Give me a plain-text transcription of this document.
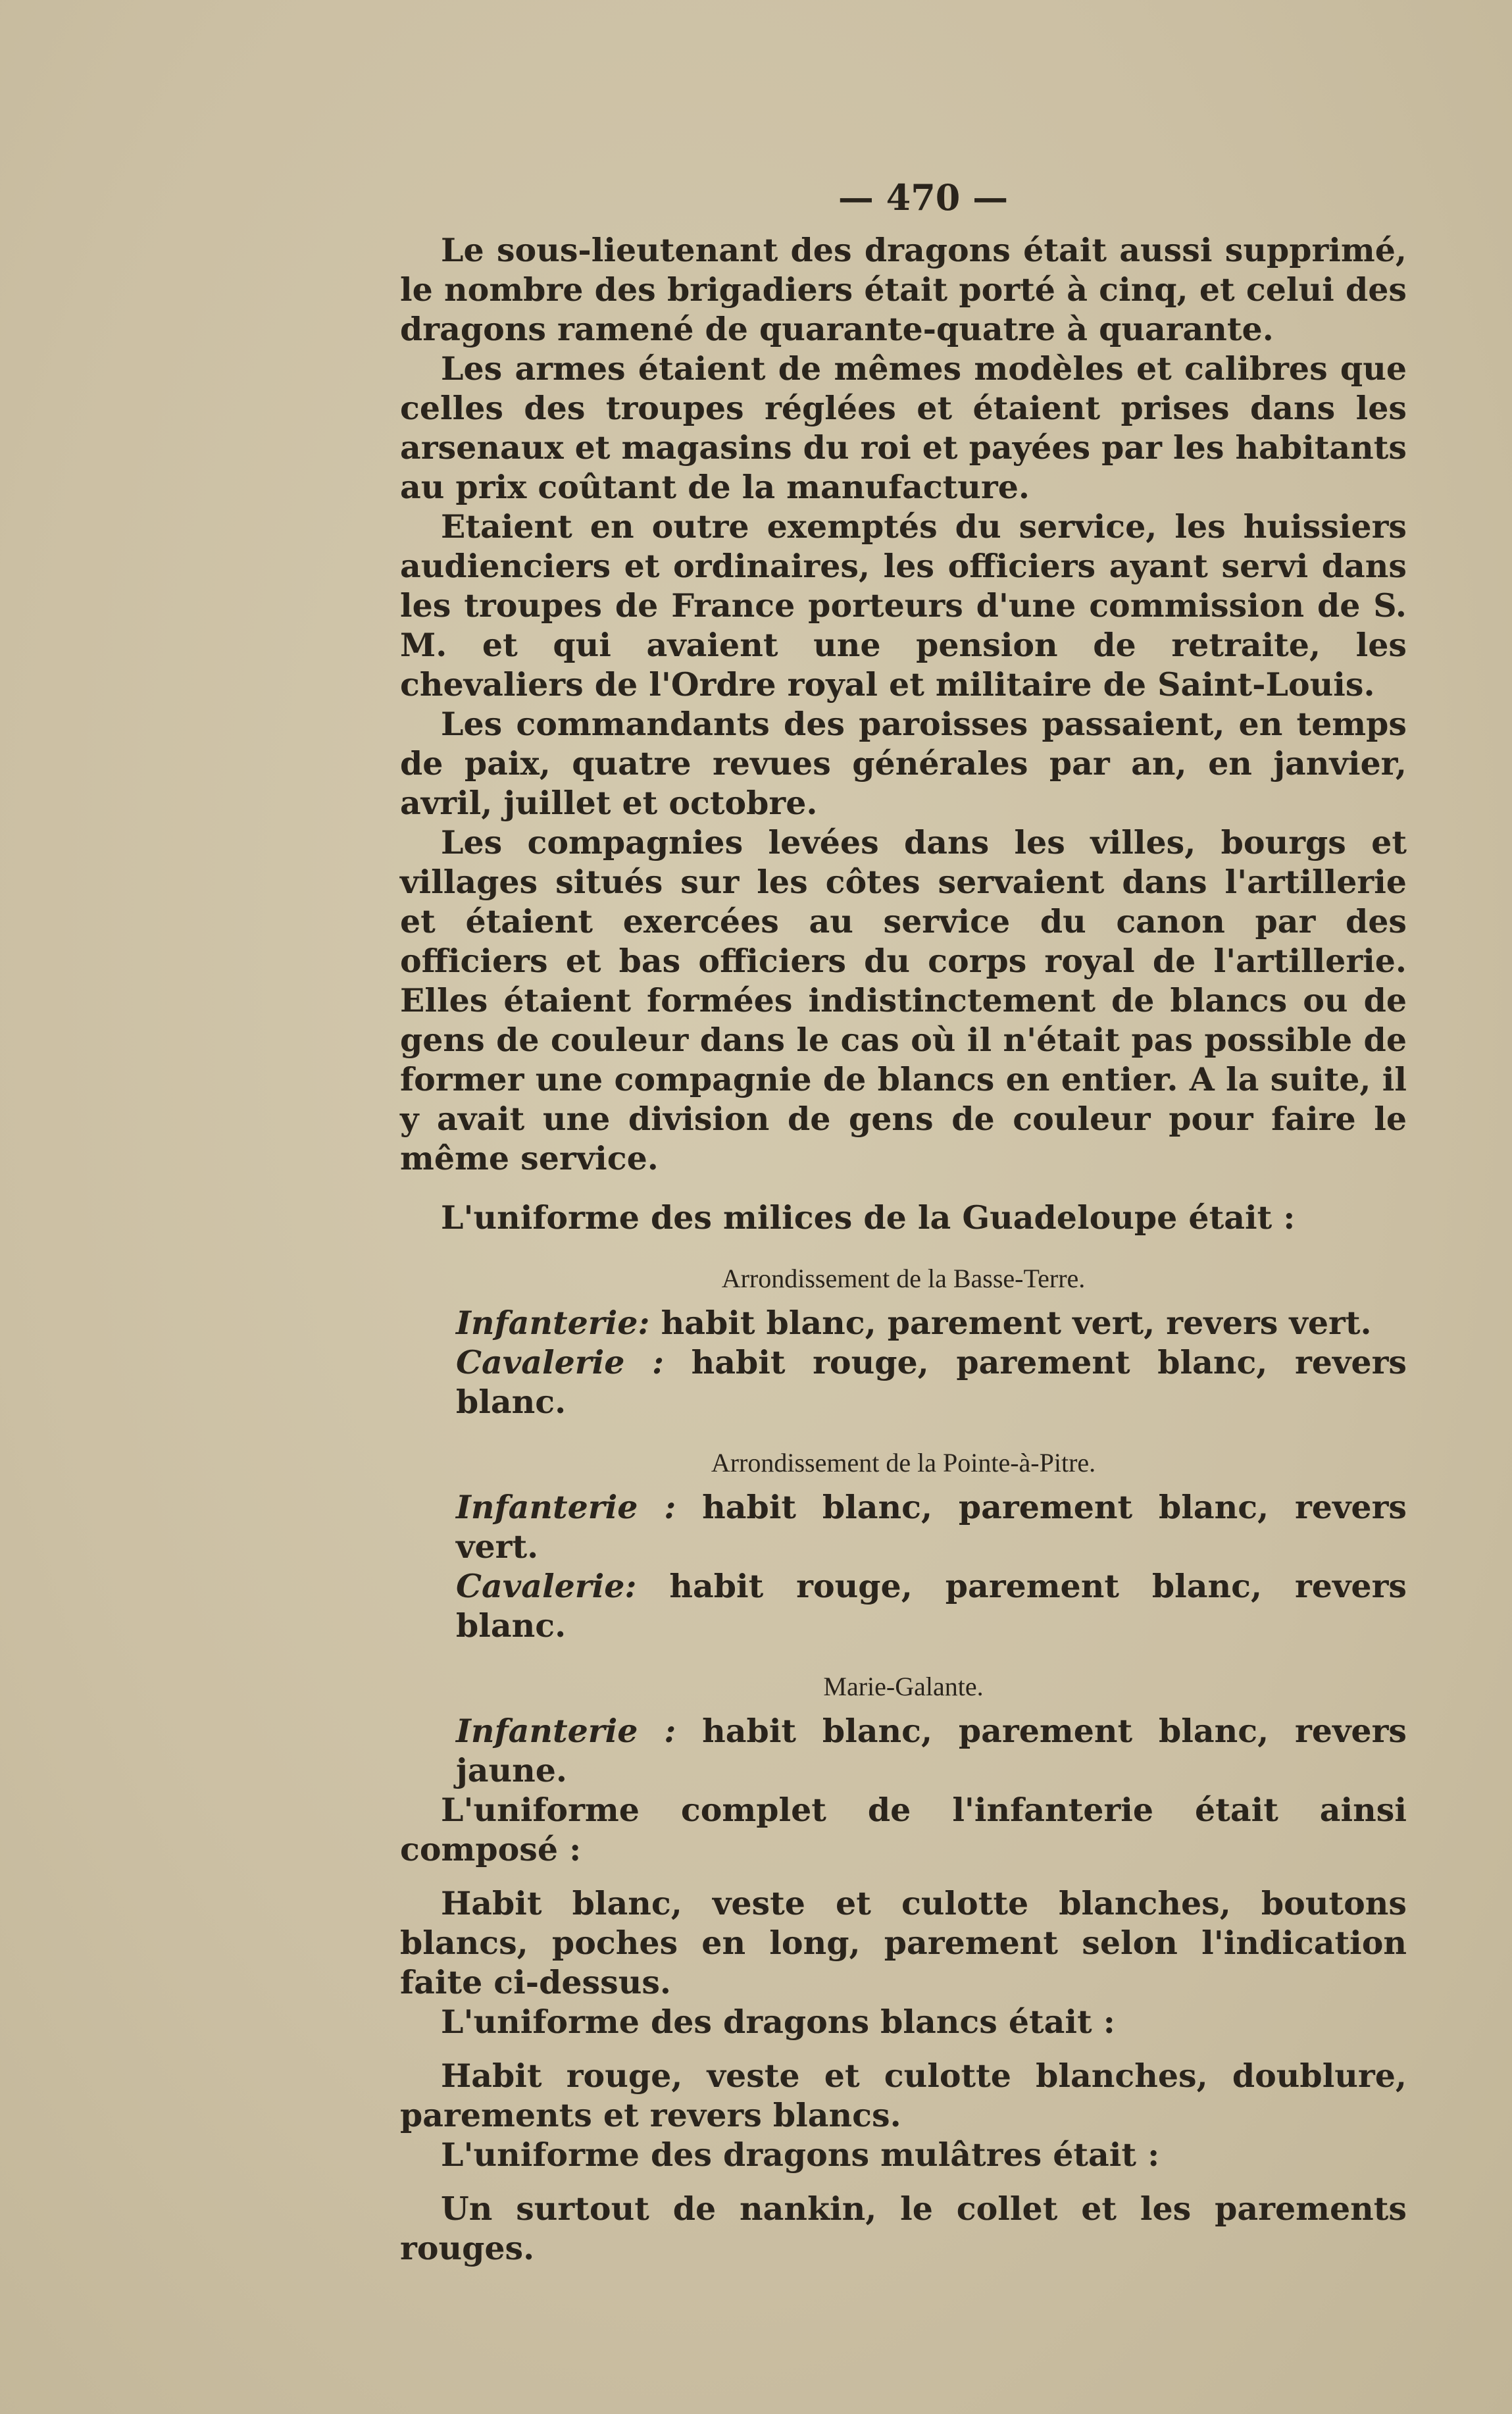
— 470 —

Le sous-lieutenant des dragons était aussi supprimé, le nombre des brigadiers était porté à cinq, et celui des dragons ramené de quarante-quatre à quarante.

Les armes étaient de mêmes modèles et calibres que celles des troupes réglées et étaient prises dans les arsenaux et magasins du roi et payées par les habitants au prix coûtant de la manufacture.

Etaient en outre exemptés du service, les huissiers audienciers et ordinaires, les officiers ayant servi dans les troupes de France porteurs d'une commission de S. M. et qui avaient une pension de retraite, les chevaliers de l'Ordre royal et militaire de Saint-Louis.

Les commandants des paroisses passaient, en temps de paix, quatre revues générales par an, en janvier, avril, juillet et octobre.

Les compagnies levées dans les villes, bourgs et villages situés sur les côtes servaient dans l'artillerie et étaient exercées au service du canon par des officiers et bas officiers du corps royal de l'artillerie. Elles étaient formées indistinctement de blancs ou de gens de couleur dans le cas où il n'était pas possible de former une compagnie de blancs en entier. A la suite, il y avait une division de gens de couleur pour faire le même service.

L'uniforme des milices de la Guadeloupe était :

Arrondissement de la Basse-Terre.

Infanterie: habit blanc, parement vert, revers vert.

Cavalerie : habit rouge, parement blanc, revers blanc.

Arrondissement de la Pointe-à-Pitre.

Infanterie : habit blanc, parement blanc, revers vert.

Cavalerie: habit rouge, parement blanc, revers blanc.

Marie-Galante.

Infanterie : habit blanc, parement blanc, revers jaune.

L'uniforme complet de l'infanterie était ainsi composé :

Habit blanc, veste et culotte blanches, boutons blancs, poches en long, parement selon l'indication faite ci-dessus.

L'uniforme des dragons blancs était :

Habit rouge, veste et culotte blanches, doublure, parements et revers blancs.

L'uniforme des dragons mulâtres était :

Un surtout de nankin, le collet et les parements rouges.
